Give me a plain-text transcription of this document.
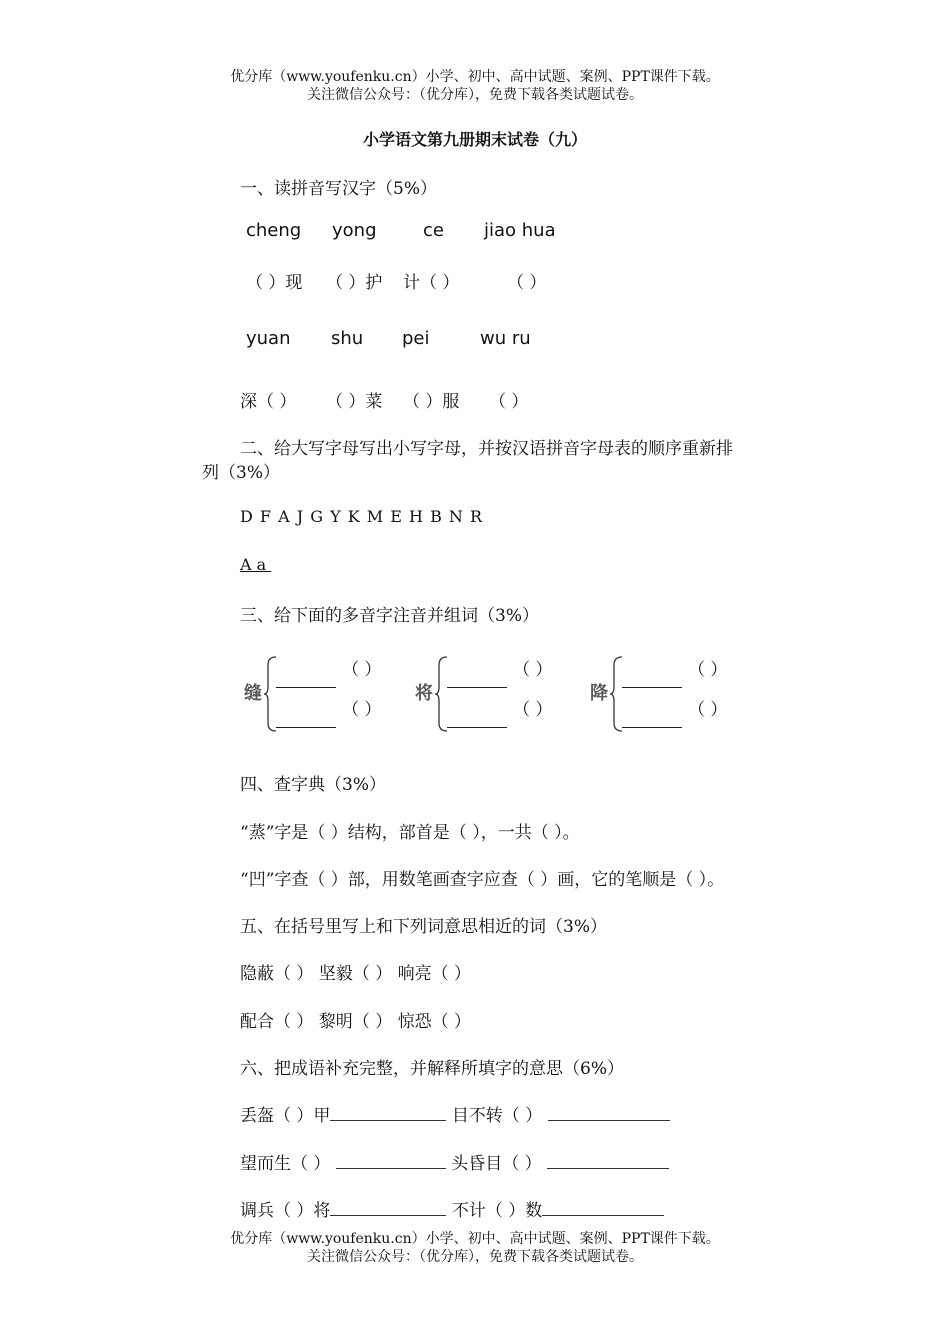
优分库（www.youfenku.cn）小学、初中、高中试题、案例、PPT课件下载。
关注微信公众号：（优分库），免费下载各类试题试卷。
小学语文第九册期末试卷（九）
一、读拼音写汉字（5%）
cheng yong	ce jiao hua
（ ）现 （ ）护 计（ ）	（ ）
yuan shu pei	wu ru
深（ ） （ ）菜 （ ）服 （ ）
二、给大写字母写出小写字母，并按汉语拼音字母表的顺序重新排
列（3%）
D F A J G Y K M E H B N R
A a
三、给下面的多音字注音并组词（3%）
缝
（ ）
（ ）
将
（ ）
（ ）
降
（ ）
（ ）
四、查字典（3%）
“蒸”字是（ ）结构，部首是（ ），一共（ ）。
“凹”字查（ ）部，用数笔画查字应查（ ）画，它的笔顺是（ ）。
五、在括号里写上和下列词意思相近的词（3%）
隐蔽（ ） 坚毅（ ） 响亮（ ）
配合（ ） 黎明（ ） 惊恐（ ）
六、把成语补充完整，并解释所填字的意思（6%）
丢盔（ ）甲	目不转（ ）
望而生（ ）	头昏目（ ）
调兵（ ）将	不计（ ）数
优分库（www.youfenku.cn）小学、初中、高中试题、案例、PPT课件下载。
关注微信公众号：（优分库），免费下载各类试题试卷。
